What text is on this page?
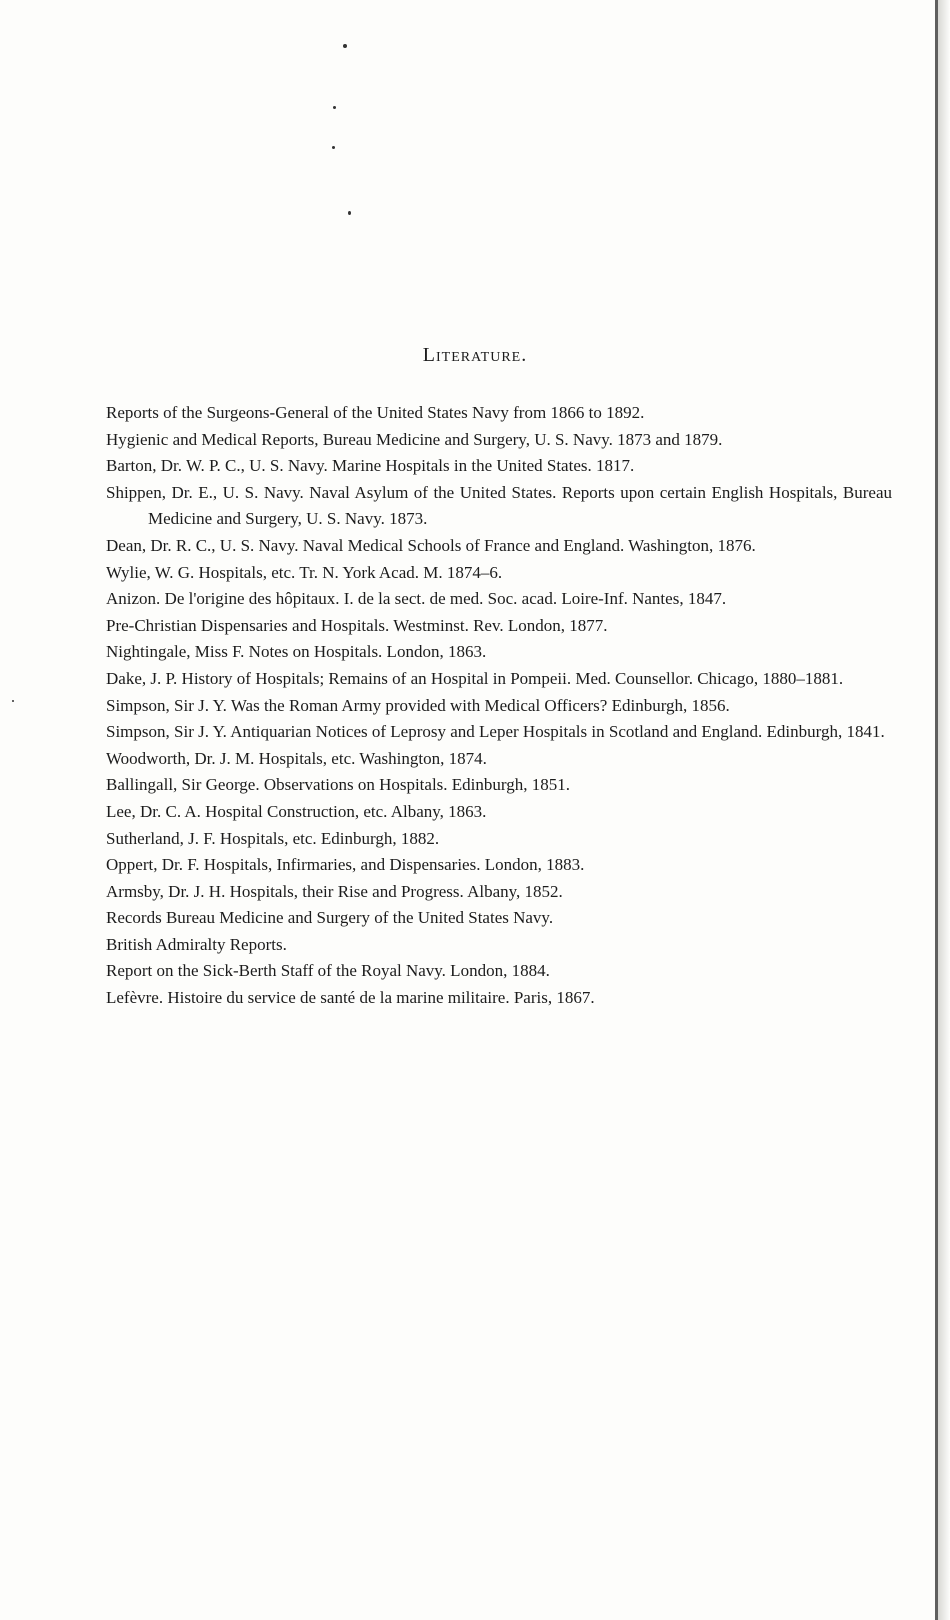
Literature.
Reports of the Surgeons-General of the United States Navy from 1866 to 1892.
Hygienic and Medical Reports, Bureau Medicine and Surgery, U. S. Navy. 1873 and 1879.
Barton, Dr. W. P. C., U. S. Navy. Marine Hospitals in the United States. 1817.
Shippen, Dr. E., U. S. Navy. Naval Asylum of the United States. Reports upon certain English Hospitals, Bureau Medicine and Surgery, U. S. Navy. 1873.
Dean, Dr. R. C., U. S. Navy. Naval Medical Schools of France and England. Washington, 1876.
Wylie, W. G. Hospitals, etc. Tr. N. York Acad. M. 1874–6.
Anizon. De l'origine des hôpitaux. I. de la sect. de med. Soc. acad. Loire-Inf. Nantes, 1847.
Pre-Christian Dispensaries and Hospitals. Westminst. Rev. London, 1877.
Nightingale, Miss F. Notes on Hospitals. London, 1863.
Dake, J. P. History of Hospitals; Remains of an Hospital in Pompeii. Med. Counsellor. Chicago, 1880–1881.
Simpson, Sir J. Y. Was the Roman Army provided with Medical Officers? Edinburgh, 1856.
Simpson, Sir J. Y. Antiquarian Notices of Leprosy and Leper Hospitals in Scotland and England. Edinburgh, 1841.
Woodworth, Dr. J. M. Hospitals, etc. Washington, 1874.
Ballingall, Sir George. Observations on Hospitals. Edinburgh, 1851.
Lee, Dr. C. A. Hospital Construction, etc. Albany, 1863.
Sutherland, J. F. Hospitals, etc. Edinburgh, 1882.
Oppert, Dr. F. Hospitals, Infirmaries, and Dispensaries. London, 1883.
Armsby, Dr. J. H. Hospitals, their Rise and Progress. Albany, 1852.
Records Bureau Medicine and Surgery of the United States Navy.
British Admiralty Reports.
Report on the Sick-Berth Staff of the Royal Navy. London, 1884.
Lefèvre. Histoire du service de santé de la marine militaire. Paris, 1867.
